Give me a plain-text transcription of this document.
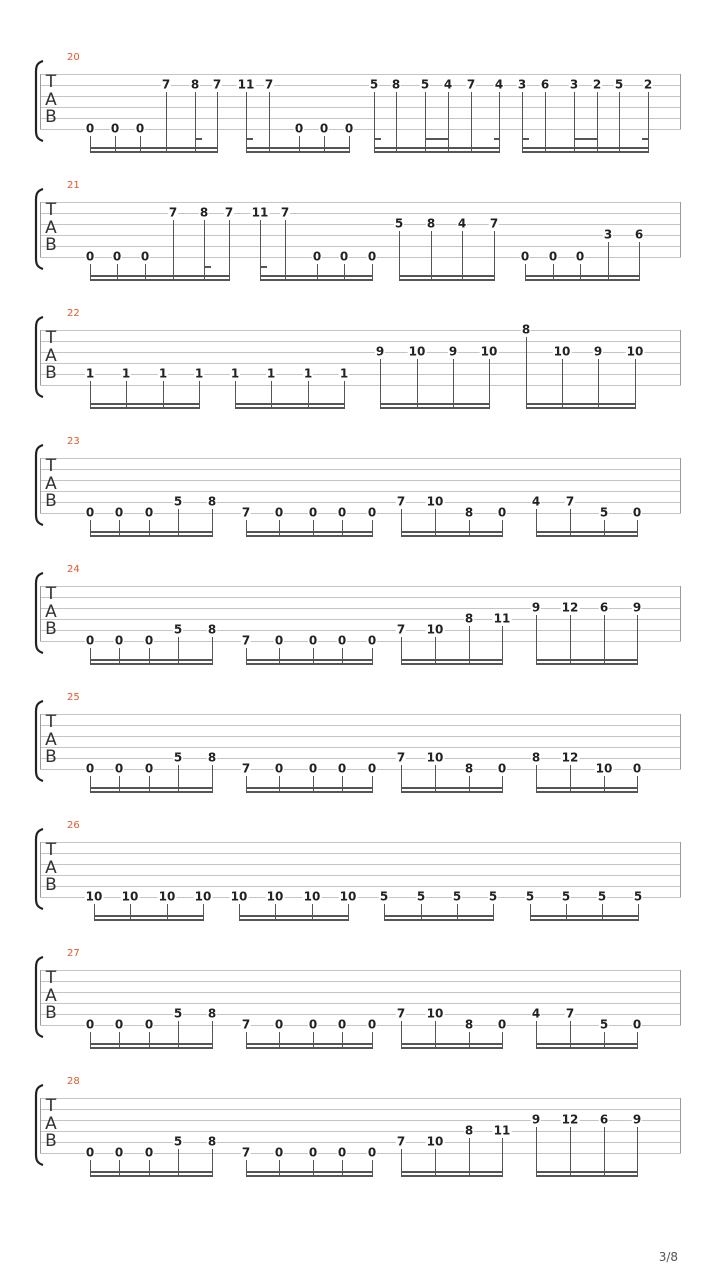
20
T
A
B
0 0 0
7 8 7 11 7
0 0 0
5 8 5 4 7 4 3 6 3 2 5 2
21
T
A
B
0 0 0
7 8 7 11 7
0 0 0
5 8 4 7
0 0 0
3 6
22
T
A
B 1 1 1 1 1 1 1 1
9 10 9 10
8
10 9 10
23
T
A
B
0 0 0
5 8
7 0 0 0 0
7 10
8 0
4 7
5 0
24
T
A
B
0 0 0
5 8
7 0 0 0 0
7 10
8 11
9 12 6 9
25
T
A
B
0 0 0
5 8
7 0 0 0 0
7 10
8 0
8 12
10 0
26
T
A
B
10 10 10 10 10 10 10 10 5 5 5 5 5 5 5 5
27
T
A
B
0 0 0
5 8
7 0 0 0 0
7 10
8 0
4 7
5 0
28
T
A
B
0 0 0
5 8
7 0 0 0 0
7 10
8 11
9 12 6 9
3/8
